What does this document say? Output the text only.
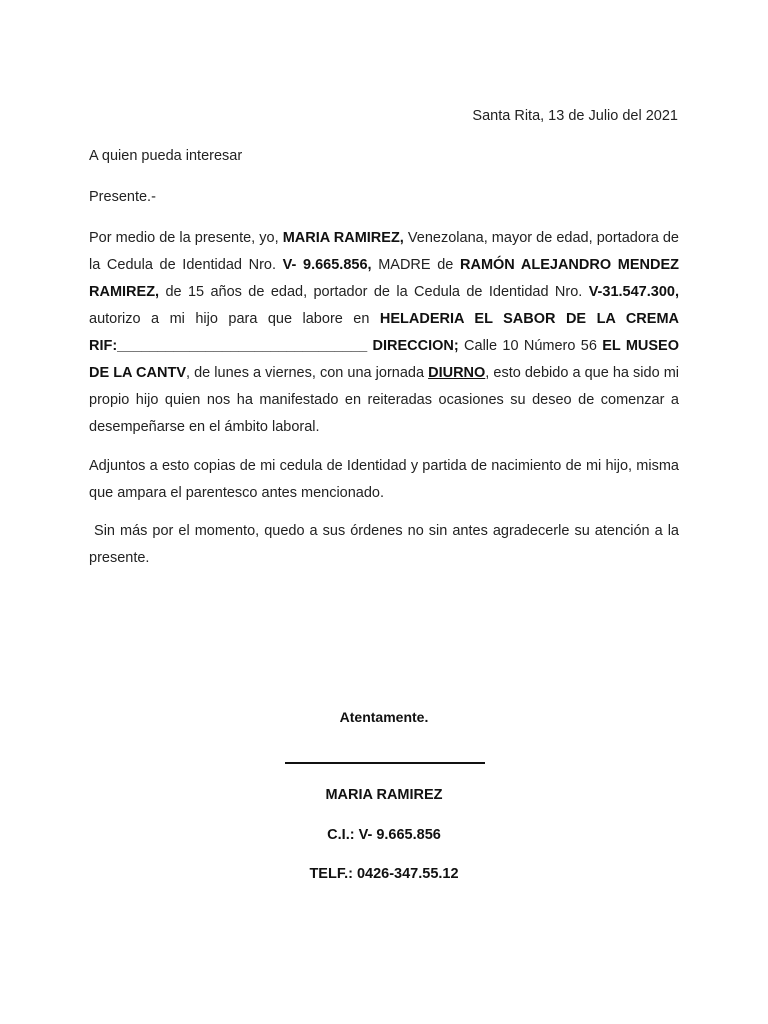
Santa Rita, 13 de Julio del 2021
A quien pueda interesar
Presente.-
Por medio de la presente, yo, MARIA RAMIREZ, Venezolana, mayor de edad, portadora de la Cedula de Identidad Nro. V- 9.665.856, MADRE de RAMÓN ALEJANDRO MENDEZ RAMIREZ, de 15 años de edad, portador de la Cedula de Identidad Nro. V-31.547.300, autorizo a mi hijo para que labore en HELADERIA EL SABOR DE LA CREMA RIF:_______________________________ DIRECCION; Calle 10 Número 56 EL MUSEO DE LA CANTV, de lunes a viernes, con una jornada DIURNO, esto debido a que ha sido mi propio hijo quien nos ha manifestado en reiteradas ocasiones su deseo de comenzar a desempeñarse en el ámbito laboral.
Adjuntos a esto copias de mi cedula de Identidad y partida de nacimiento de mi hijo, misma que ampara el parentesco antes mencionado.
Sin más por el momento, quedo a sus órdenes no sin antes agradecerle su atención a la presente.
Atentamente.
MARIA RAMIREZ
C.I.: V- 9.665.856
TELF.: 0426-347.55.12
